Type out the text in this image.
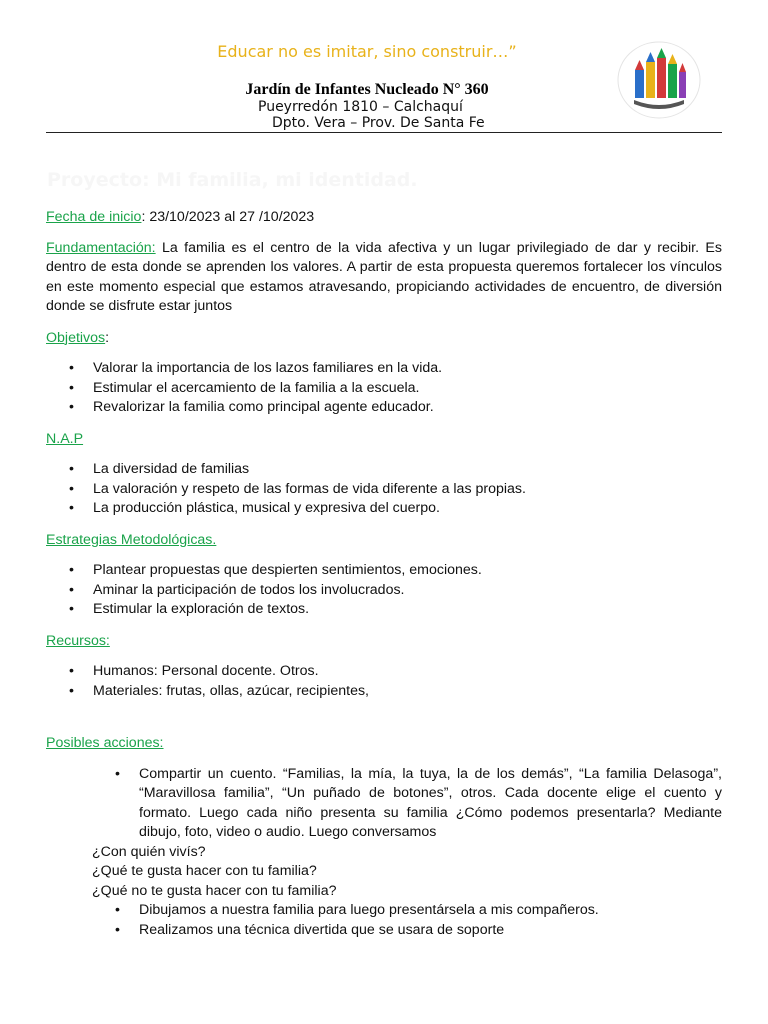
Educar no es imitar, sino construir…”
Jardín de Infantes Nucleado N° 360
Pueyrredón 1810 – Calchaquí
Dpto. Vera – Prov. De Santa Fe
Proyecto: Mi familia, mi identidad.

Fecha de inicio: 23/10/2023 al 27 /10/2023

Fundamentación: La familia es el centro de la vida afectiva y un lugar privilegiado de dar y recibir. Es dentro de esta donde se aprenden los valores. A partir de esta propuesta queremos fortalecer los vínculos en este momento especial que estamos atravesando, propiciando actividades de encuentro, de diversión donde se disfrute estar juntos

Objetivos:

• Valorar la importancia de los lazos familiares en la vida.
• Estimular el acercamiento de la familia a la escuela.
• Revalorizar la familia como principal agente educador.

N.A.P

• La diversidad de familias
• La valoración y respeto de las formas de vida diferente a las propias.
• La producción plástica, musical y expresiva del cuerpo.

Estrategias Metodológicas.

• Plantear propuestas que despierten sentimientos, emociones.
• Aminar la participación de todos los involucrados.
• Estimular la exploración de textos.

Recursos:

• Humanos: Personal docente. Otros.
• Materiales: frutas, ollas, azúcar, recipientes,

Posibles acciones:

• Compartir un cuento. “Familias, la mía, la tuya, la de los demás”, “La familia Delasoga”, “Maravillosa familia”, “Un puñado de botones”, otros. Cada docente elige el cuento y formato. Luego cada niño presenta su familia ¿Cómo podemos presentarla? Mediante dibujo, foto, video o audio. Luego conversamos

¿Con quién vivís?

¿Qué te gusta hacer con tu familia?

¿Qué no te gusta hacer con tu familia?

• Dibujamos a nuestra familia para luego presentársela a mis compañeros.
• Realizamos una técnica divertida que se usara de soporte
